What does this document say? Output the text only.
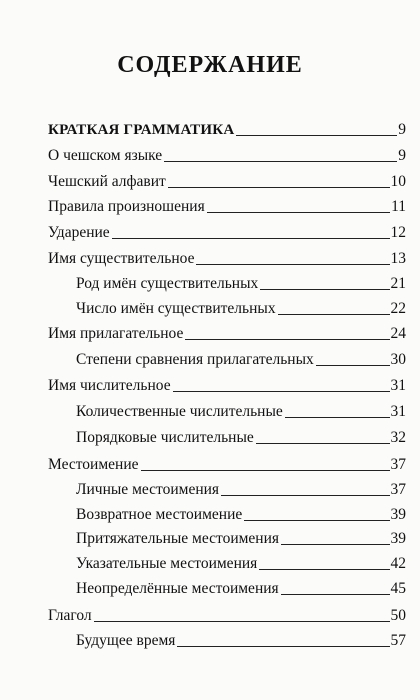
СОДЕРЖАНИЕ
КРАТКАЯ ГРАММАТИКА	9
О чешском языке	9
Чешский алфавит	10
Правила произношения	11
Ударение	12
Имя существительное	13
Род имён существительных	21
Число имён существительных	22
Имя прилагательное	24
Степени сравнения прилагательных	30
Имя числительное	31
Количественные числительные	31
Порядковые числительные	32
Местоимение	37
Личные местоимения	37
Возвратное местоимение	39
Притяжательные местоимения	39
Указательные местоимения	42
Неопределённые местоимения	45
Глагол	50
Будущее время	57
